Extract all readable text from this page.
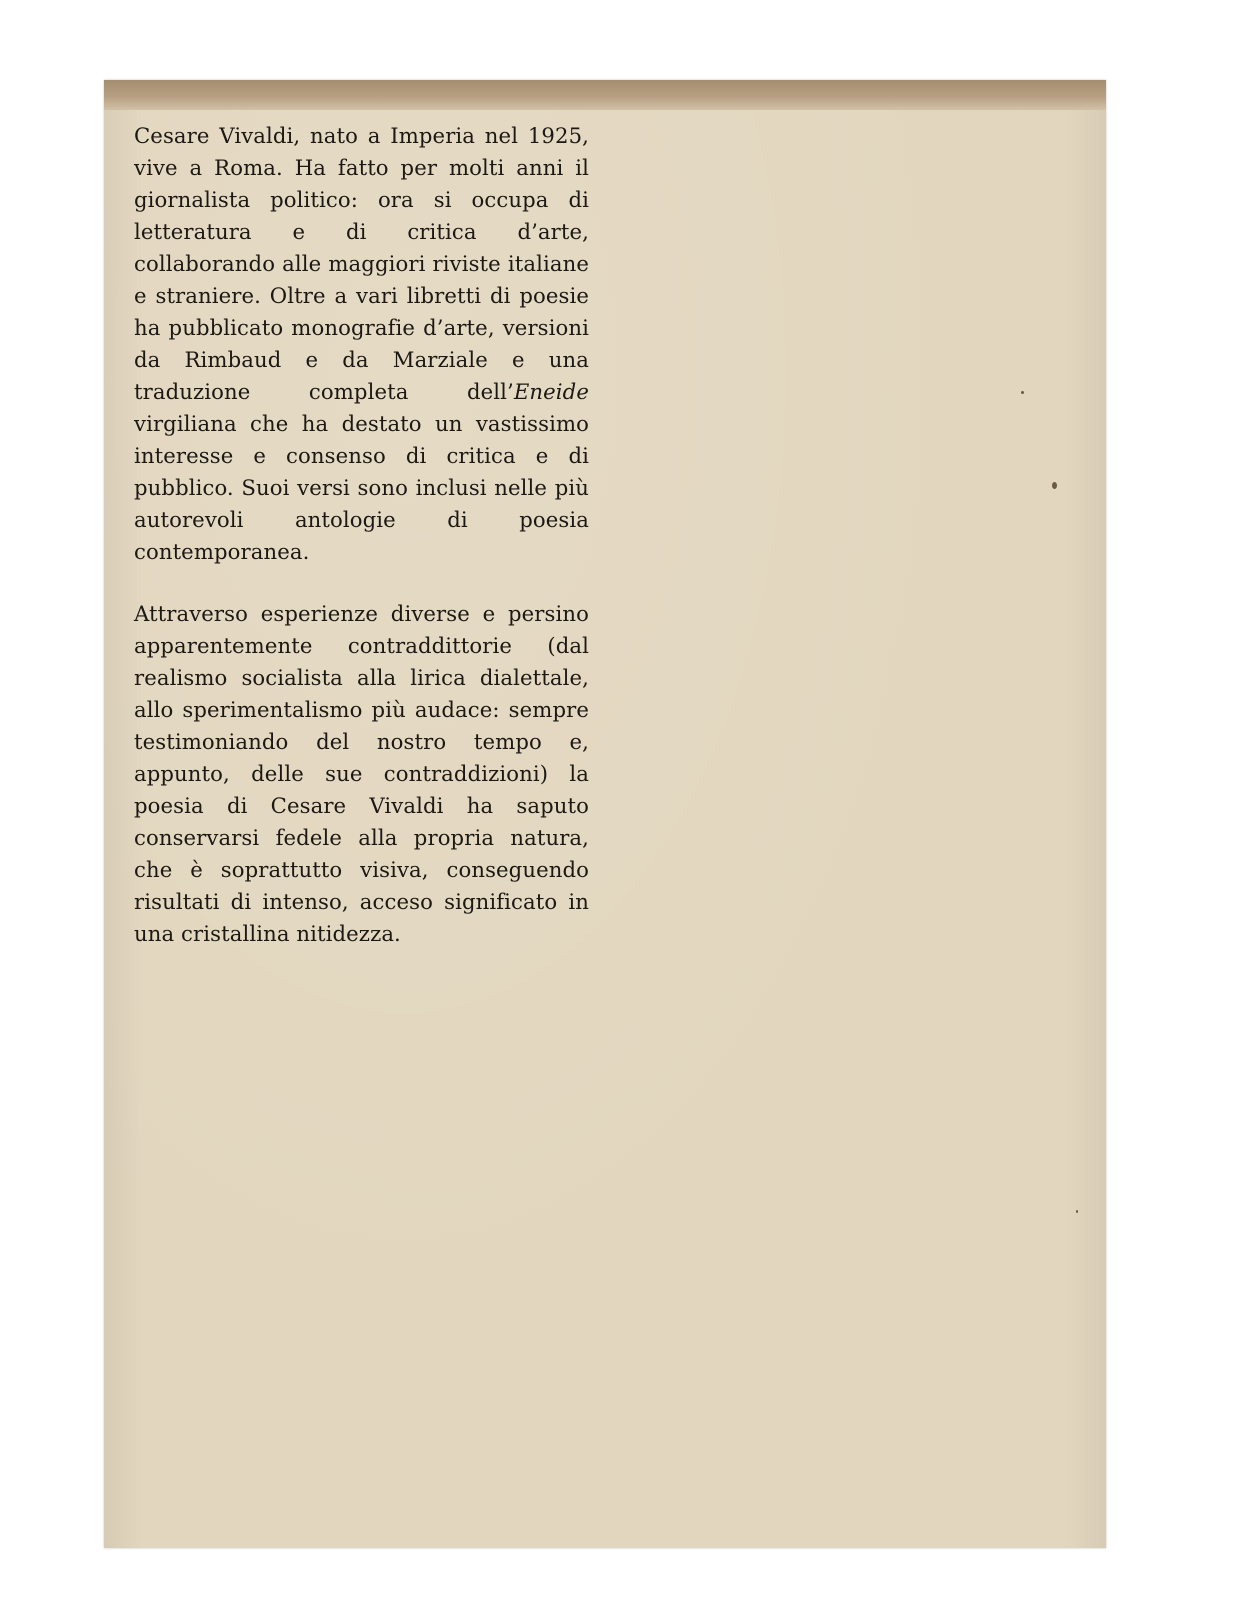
Cesare Vivaldi, nato a Imperia nel 1925, vive a Roma. Ha fatto per molti anni il giornalista politico: ora si occupa di letteratura e di critica d’arte, collaborando alle maggiori riviste italiane e straniere. Oltre a vari libretti di poesie ha pubblicato monografie d’arte, versioni da Rimbaud e da Marziale e una traduzione completa dell’Eneide virgiliana che ha destato un vastissimo interesse e consenso di critica e di pubblico. Suoi versi sono inclusi nelle più autorevoli antologie di poesia contemporanea.

Attraverso esperienze diverse e persino apparentemente contraddittorie (dal realismo socialista alla lirica dialettale, allo sperimentalismo più audace: sempre testimoniando del nostro tempo e, appunto, delle sue contraddizioni) la poesia di Cesare Vivaldi ha saputo conservarsi fedele alla propria natura, che è soprattutto visiva, conseguendo risultati di intenso, acceso significato in una cristallina nitidezza.
